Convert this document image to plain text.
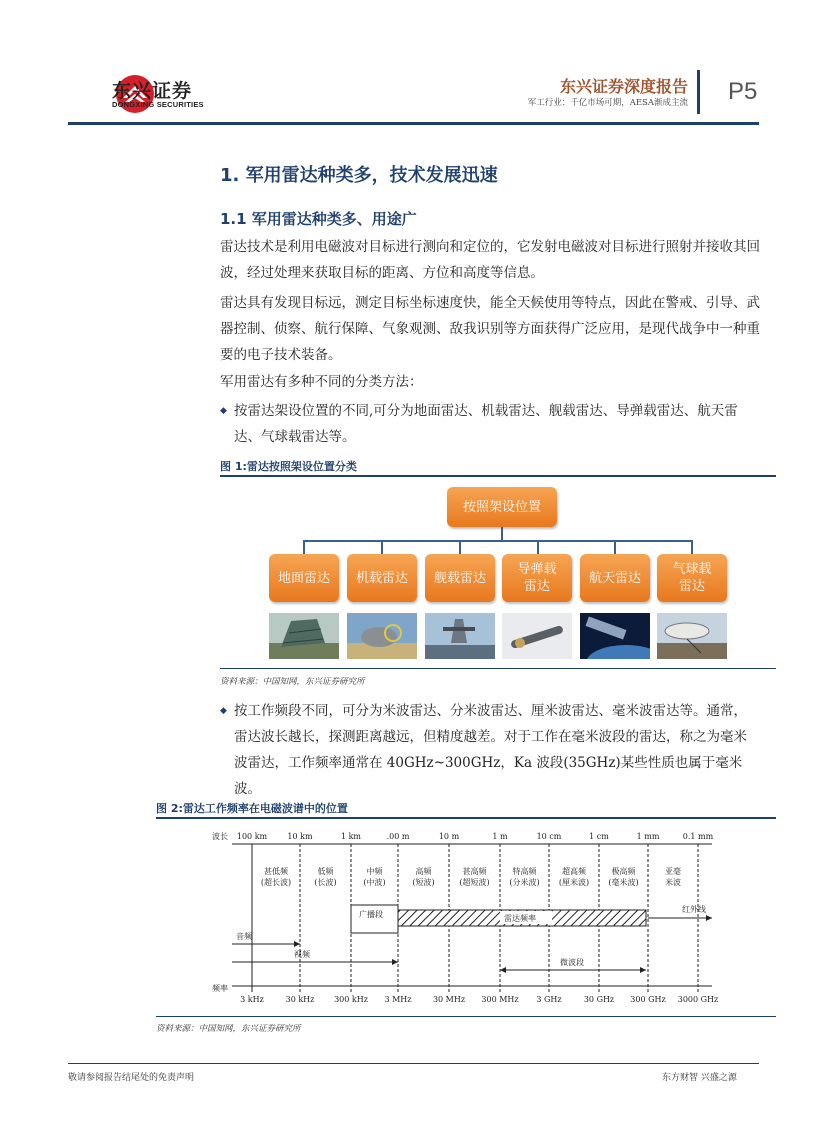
东兴证券
DONGXING SECURITIES
东兴证券深度报告
军工行业：千亿市场可期，AESA渐成主流 P5
1. 军用雷达种类多，技术发展迅速
1.1 军用雷达种类多、用途广
雷达技术是利用电磁波对目标进行测向和定位的，它发射电磁波对目标进行照射并接收其回波，经过处理来获取目标的距离、方位和高度等信息。
雷达具有发现目标远，测定目标坐标速度快，能全天候使用等特点，因此在警戒、引导、武器控制、侦察、航行保障、气象观测、敌我识别等方面获得广泛应用，是现代战争中一种重要的电子技术装备。
军用雷达有多种不同的分类方法：
◆ 按雷达架设位置的不同,可分为地面雷达、机载雷达、舰载雷达、导弹载雷达、航天雷达、气球载雷达等。
图 1:雷达按照架设位置分类
按照架设位置
地面雷达	机载雷达	舰载雷达
导弹载
雷达
航天雷达
气球载
雷达
资料来源：中国知网，东兴证券研究所
◆ 按工作频段不同，可分为米波雷达、分米波雷达、厘米波雷达、毫米波雷达等。通常，雷达波长越长，探测距离越远，但精度越差。对于工作在毫米波段的雷达，称之为毫米波雷达，工作频率通常在 40GHz~300GHz，Ka 波段(35GHz)某些性质也属于毫米波。
图 2:雷达工作频率在电磁波谱中的位置
波长 100 km	10 km	1 km	.00 m	10 m	1 m	10 cm	1 cm	1 mm	0.1 mm
甚低频
(超长波)
低频
(长波)
中频
(中波)
高频
(短波)
甚高频
(超短波)
特高频
(分米波)
超高频
(厘米波)
极高频
(毫米波)
亚毫
米波
广播段	雷达频率
红外线
音频
视频
微波段
频率
3 kHz	30 kHz 300 kHz 3 MHz	30 MHz 300 MHz 3 GHz	30 GHz 300 GHz 3000 GHz
资料来源：中国知网，东兴证券研究所
敬请参阅报告结尾处的免责声明	东方财智 兴盛之源
